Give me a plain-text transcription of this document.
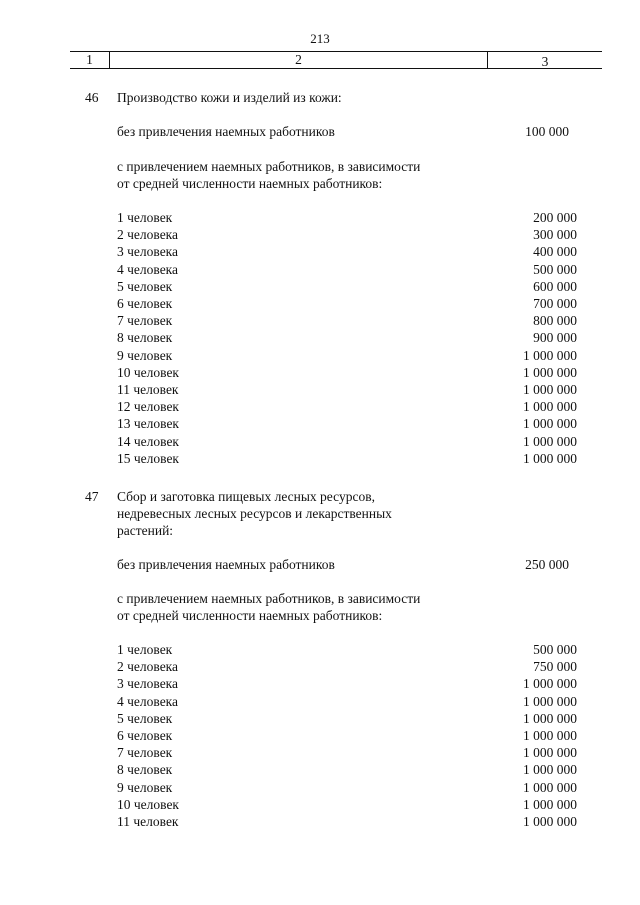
213
1	2	3
46 Производство кожи и изделий из кожи:
без привлечения наемных работников	100 000
с привлечением наемных работников, в зависимости
от средней численности наемных работников:
1 человек	200 000
2 человека	300 000
3 человека	400 000
4 человека	500 000
5 человек	600 000
6 человек	700 000
7 человек	800 000
8 человек	900 000
9 человек	1 000 000
10 человек	1 000 000
11 человек	1 000 000
12 человек	1 000 000
13 человек	1 000 000
14 человек	1 000 000
15 человек	1 000 000
47 Сбор и заготовка пищевых лесных ресурсов,
недревесных лесных ресурсов и лекарственных
растений:
без привлечения наемных работников	250 000
с привлечением наемных работников, в зависимости
от средней численности наемных работников:
1 человек	500 000
2 человека	750 000
3 человека	1 000 000
4 человека	1 000 000
5 человек	1 000 000
6 человек	1 000 000
7 человек	1 000 000
8 человек	1 000 000
9 человек	1 000 000
10 человек	1 000 000
11 человек	1 000 000
